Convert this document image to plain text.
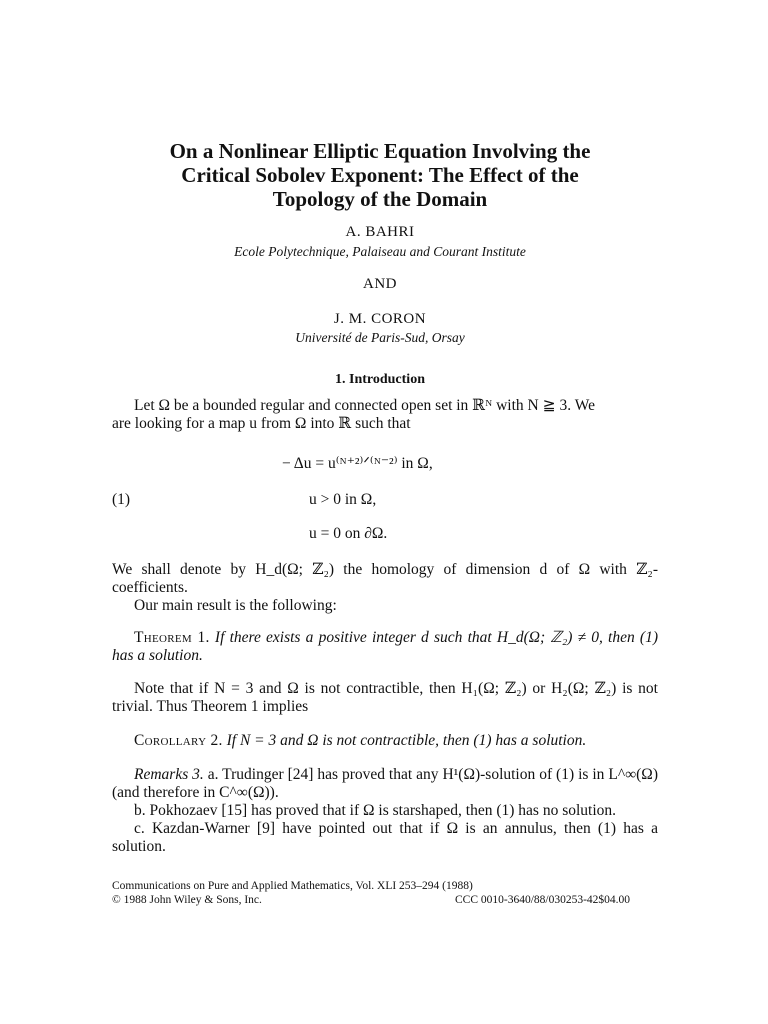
On a Nonlinear Elliptic Equation Involving the
Critical Sobolev Exponent: The Effect of the
Topology of the Domain
A. BAHRI
Ecole Polytechnique, Palaiseau and Courant Institute
AND
J. M. CORON
Université de Paris-Sud, Orsay
1. Introduction
Let Ω be a bounded regular and connected open set in ℝᴺ with N ≧ 3. We
are looking for a map u from Ω into ℝ such that
− Δu = u⁽ᴺ⁺²⁾ᐟ⁽ᴺ⁻²⁾ in Ω,
(1)	u > 0 in Ω,
u = 0 on ∂Ω.
We shall denote by H_d(Ω; ℤ₂) the homology of dimension d of Ω with ℤ₂-coefficients.
Our main result is the following:
Theorem 1. If there exists a positive integer d such that H_d(Ω; ℤ₂) ≠ 0, then (1) has a solution.
Note that if N = 3 and Ω is not contractible, then H₁(Ω; ℤ₂) or H₂(Ω; ℤ₂) is not trivial. Thus Theorem 1 implies
Corollary 2. If N = 3 and Ω is not contractible, then (1) has a solution.
Remarks 3. a. Trudinger [24] has proved that any H¹(Ω)-solution of (1) is in L^∞(Ω) (and therefore in C^∞(Ω)).
b. Pokhozaev [15] has proved that if Ω is starshaped, then (1) has no solution.
c. Kazdan-Warner [9] have pointed out that if Ω is an annulus, then (1) has a solution.
Communications on Pure and Applied Mathematics, Vol. XLI 253–294 (1988)
© 1988 John Wiley & Sons, Inc.	CCC 0010-3640/88/030253-42$04.00
